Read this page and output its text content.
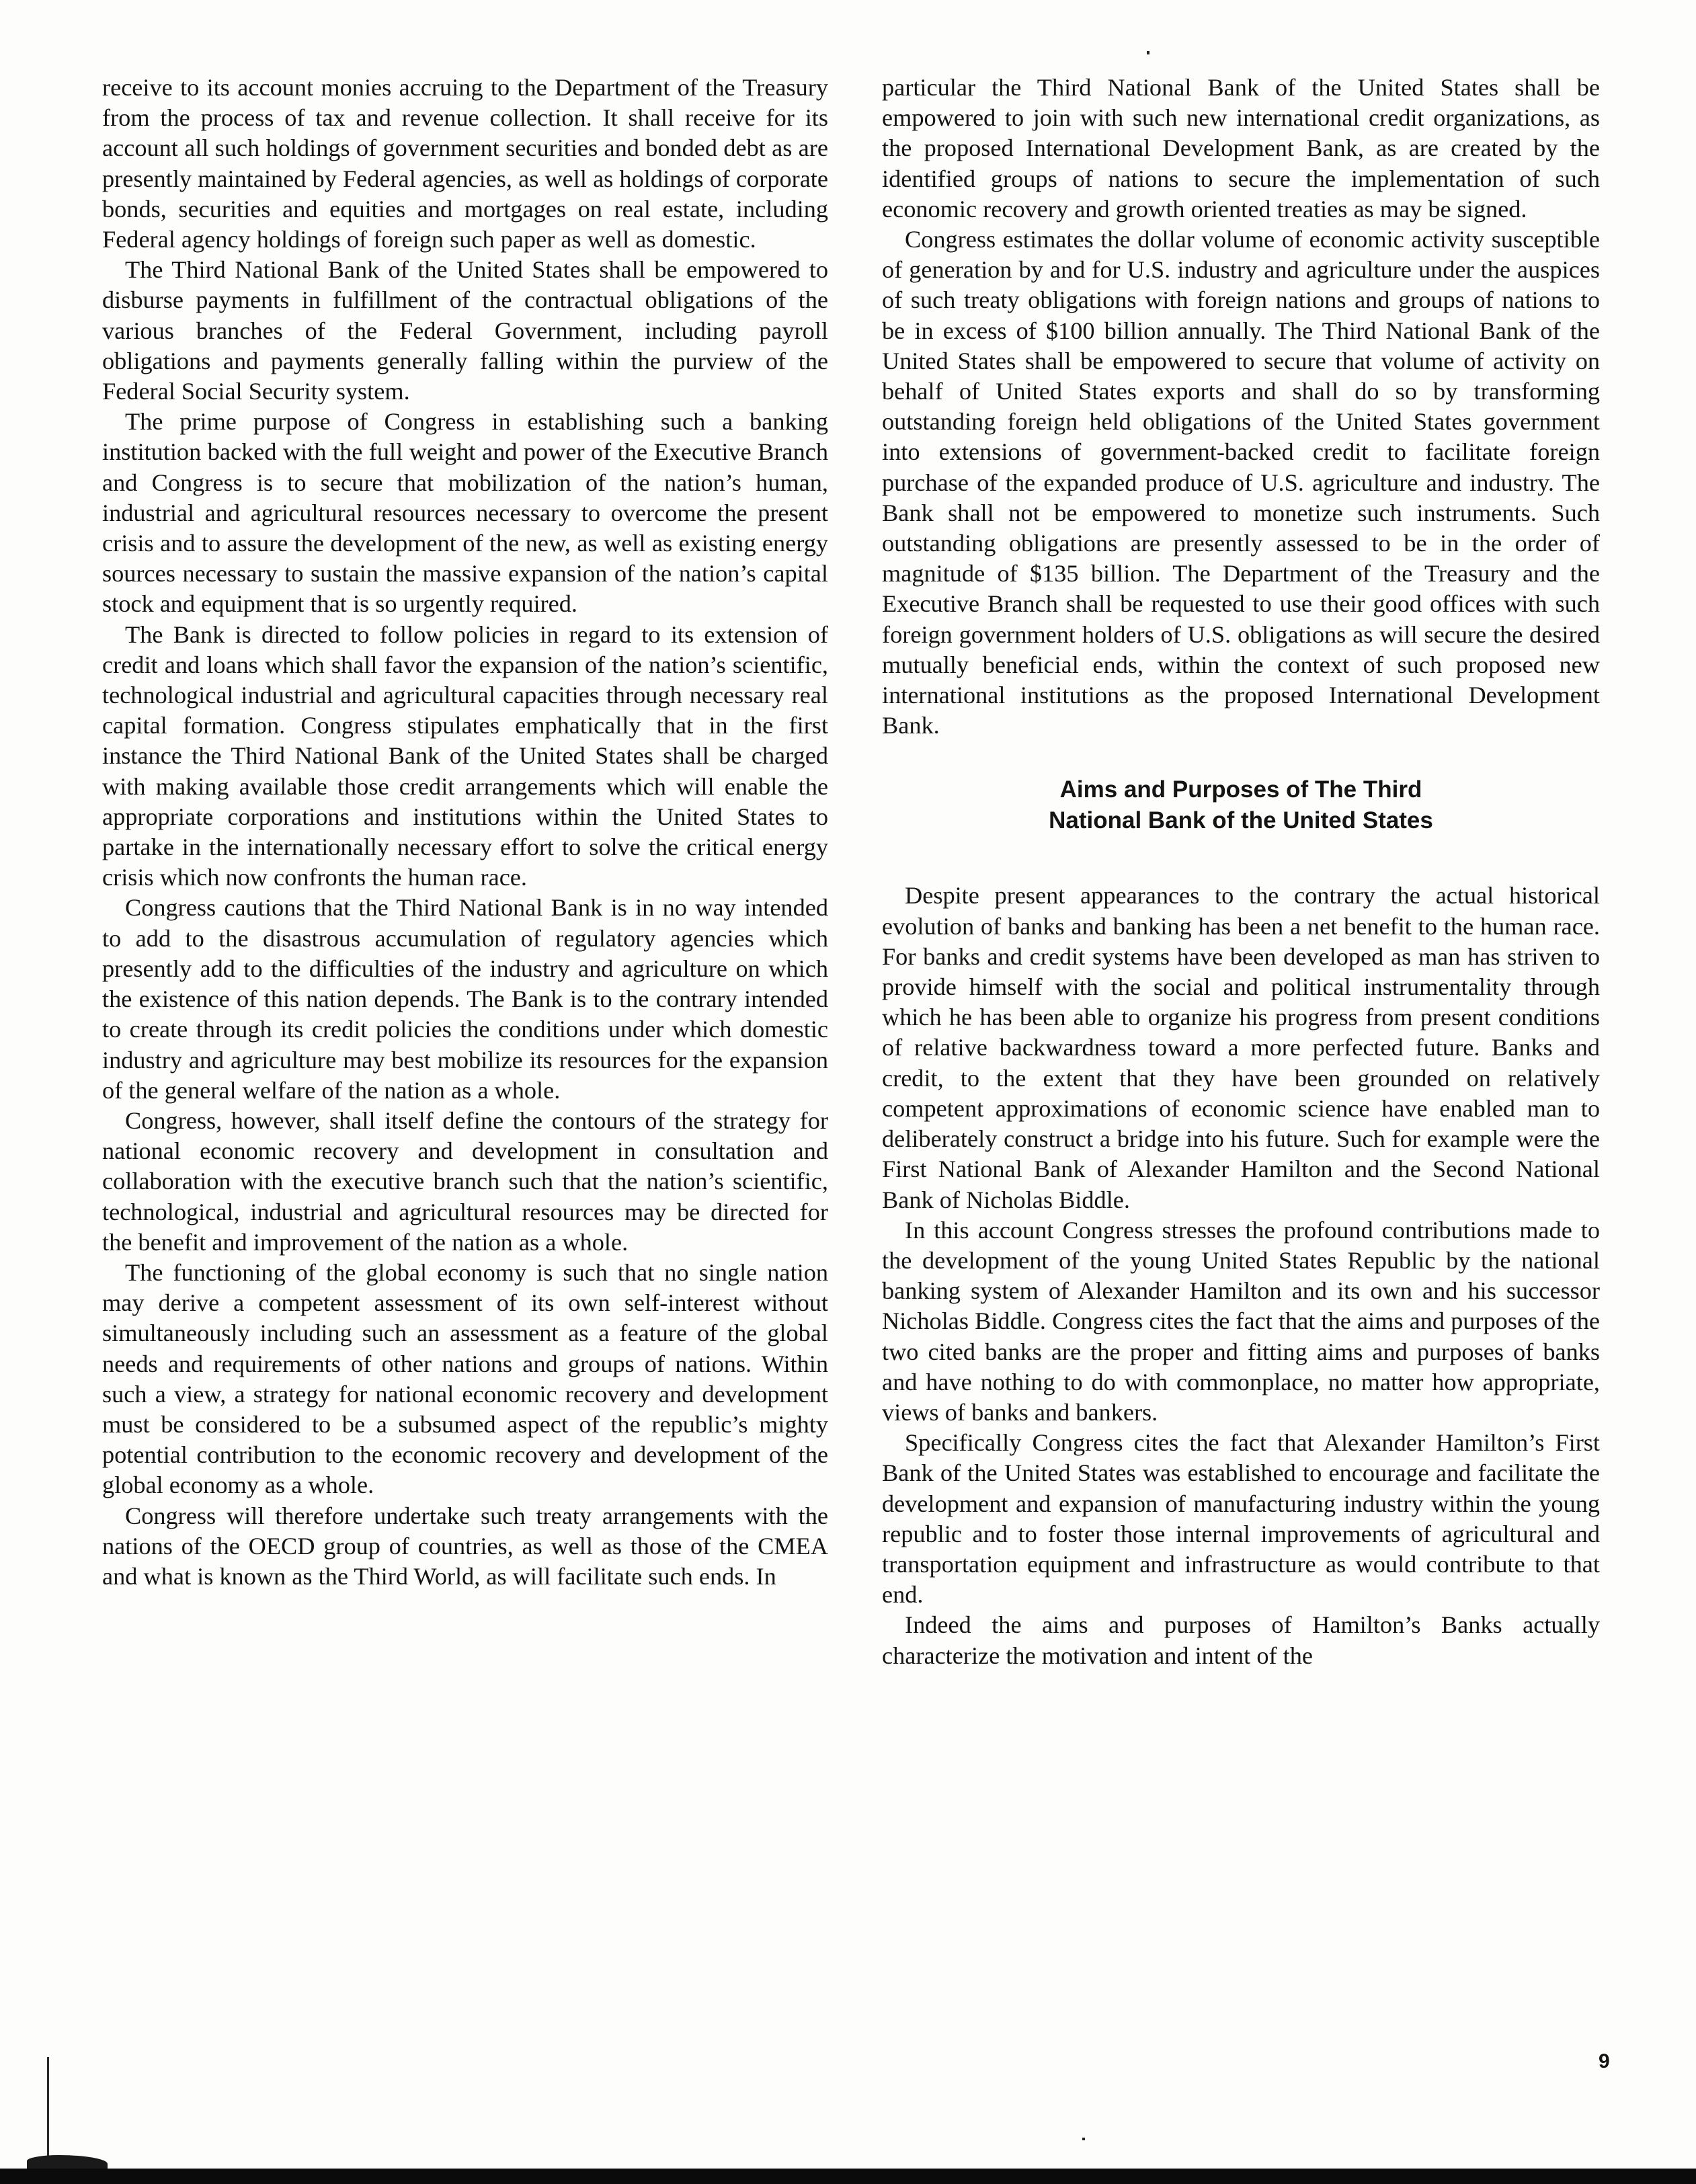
receive to its account monies accruing to the Department of the Treasury from the process of tax and revenue collection. It shall receive for its account all such holdings of government securities and bonded debt as are presently maintained by Federal agencies, as well as holdings of corporate bonds, securities and equities and mortgages on real estate, including Federal agency holdings of foreign such paper as well as domestic.

The Third National Bank of the United States shall be empowered to disburse payments in fulfillment of the contractual obligations of the various branches of the Federal Government, including payroll obligations and payments generally falling within the purview of the Federal Social Security system.

The prime purpose of Congress in establishing such a banking institution backed with the full weight and power of the Executive Branch and Congress is to secure that mobilization of the nation’s human, industrial and agricultural resources necessary to overcome the present crisis and to assure the development of the new, as well as existing energy sources necessary to sustain the massive expansion of the nation’s capital stock and equipment that is so urgently required.

The Bank is directed to follow policies in regard to its extension of credit and loans which shall favor the expansion of the nation’s scientific, technological industrial and agricultural capacities through necessary real capital formation. Congress stipulates emphatically that in the first instance the Third National Bank of the United States shall be charged with making available those credit arrangements which will enable the appropriate corporations and institutions within the United States to partake in the internationally necessary effort to solve the critical energy crisis which now confronts the human race.

Congress cautions that the Third National Bank is in no way intended to add to the disastrous accumulation of regulatory agencies which presently add to the difficulties of the industry and agriculture on which the existence of this nation depends. The Bank is to the contrary intended to create through its credit policies the conditions under which domestic industry and agriculture may best mobilize its resources for the expansion of the general welfare of the nation as a whole.

Congress, however, shall itself define the contours of the strategy for national economic recovery and development in consultation and collaboration with the executive branch such that the nation’s scientific, technological, industrial and agricultural resources may be directed for the benefit and improvement of the nation as a whole.

The functioning of the global economy is such that no single nation may derive a competent assessment of its own self-interest without simultaneously including such an assessment as a feature of the global needs and requirements of other nations and groups of nations. Within such a view, a strategy for national economic recovery and development must be considered to be a subsumed aspect of the republic’s mighty potential contribution to the economic recovery and development of the global economy as a whole.

Congress will therefore undertake such treaty arrangements with the nations of the OECD group of countries, as well as those of the CMEA and what is known as the Third World, as will facilitate such ends. In

particular the Third National Bank of the United States shall be empowered to join with such new international credit organizations, as the proposed International Development Bank, as are created by the identified groups of nations to secure the implementation of such economic recovery and growth oriented treaties as may be signed.

Congress estimates the dollar volume of economic activity susceptible of generation by and for U.S. industry and agriculture under the auspices of such treaty obligations with foreign nations and groups of nations to be in excess of $100 billion annually. The Third National Bank of the United States shall be empowered to secure that volume of activity on behalf of United States exports and shall do so by transforming outstanding foreign held obligations of the United States government into extensions of government-backed credit to facilitate foreign purchase of the expanded produce of U.S. agriculture and industry. The Bank shall not be empowered to monetize such instruments. Such outstanding obligations are presently assessed to be in the order of magnitude of $135 billion. The Department of the Treasury and the Executive Branch shall be requested to use their good offices with such foreign government holders of U.S. obligations as will secure the desired mutually beneficial ends, within the context of such proposed new international institutions as the proposed International Development Bank.

Aims and Purposes of The Third
National Bank of the United States

Despite present appearances to the contrary the actual historical evolution of banks and banking has been a net benefit to the human race. For banks and credit systems have been developed as man has striven to provide himself with the social and political instrumentality through which he has been able to organize his progress from present conditions of relative backwardness toward a more perfected future. Banks and credit, to the extent that they have been grounded on relatively competent approximations of economic science have enabled man to deliberately construct a bridge into his future. Such for example were the First National Bank of Alexander Hamilton and the Second National Bank of Nicholas Biddle.

In this account Congress stresses the profound contributions made to the development of the young United States Republic by the national banking system of Alexander Hamilton and its own and his successor Nicholas Biddle. Congress cites the fact that the aims and purposes of the two cited banks are the proper and fitting aims and purposes of banks and have nothing to do with commonplace, no matter how appropriate, views of banks and bankers.

Specifically Congress cites the fact that Alexander Hamilton’s First Bank of the United States was established to encourage and facilitate the development and expansion of manufacturing industry within the young republic and to foster those internal improvements of agricultural and transportation equipment and infrastructure as would contribute to that end.

Indeed the aims and purposes of Hamilton’s Banks actually characterize the motivation and intent of the

9
